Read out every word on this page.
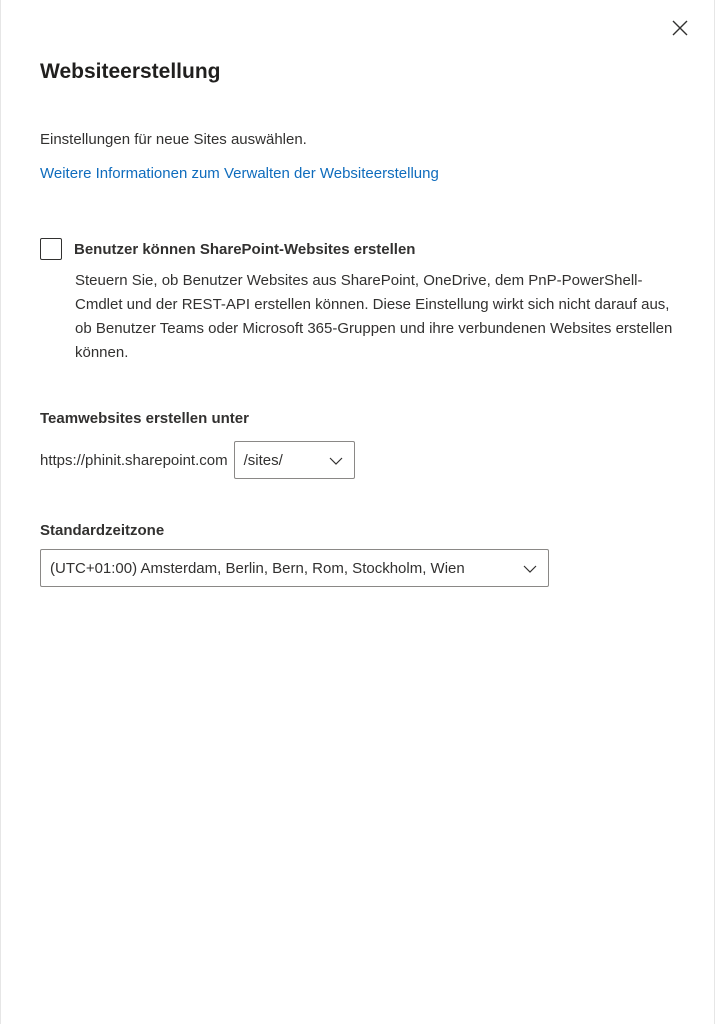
Websiteerstellung
Einstellungen für neue Sites auswählen.
Weitere Informationen zum Verwalten der Websiteerstellung
Benutzer können SharePoint-Websites erstellen
Steuern Sie, ob Benutzer Websites aus SharePoint, OneDrive, dem PnP-PowerShell-Cmdlet und der REST-API erstellen können. Diese Einstellung wirkt sich nicht darauf aus, ob Benutzer Teams oder Microsoft 365-Gruppen und ihre verbundenen Websites erstellen können.
Teamwebsites erstellen unter
https://phinit.sharepoint.com /sites/
Standardzeitzone
(UTC+01:00) Amsterdam, Berlin, Bern, Rom, Stockholm, Wien
